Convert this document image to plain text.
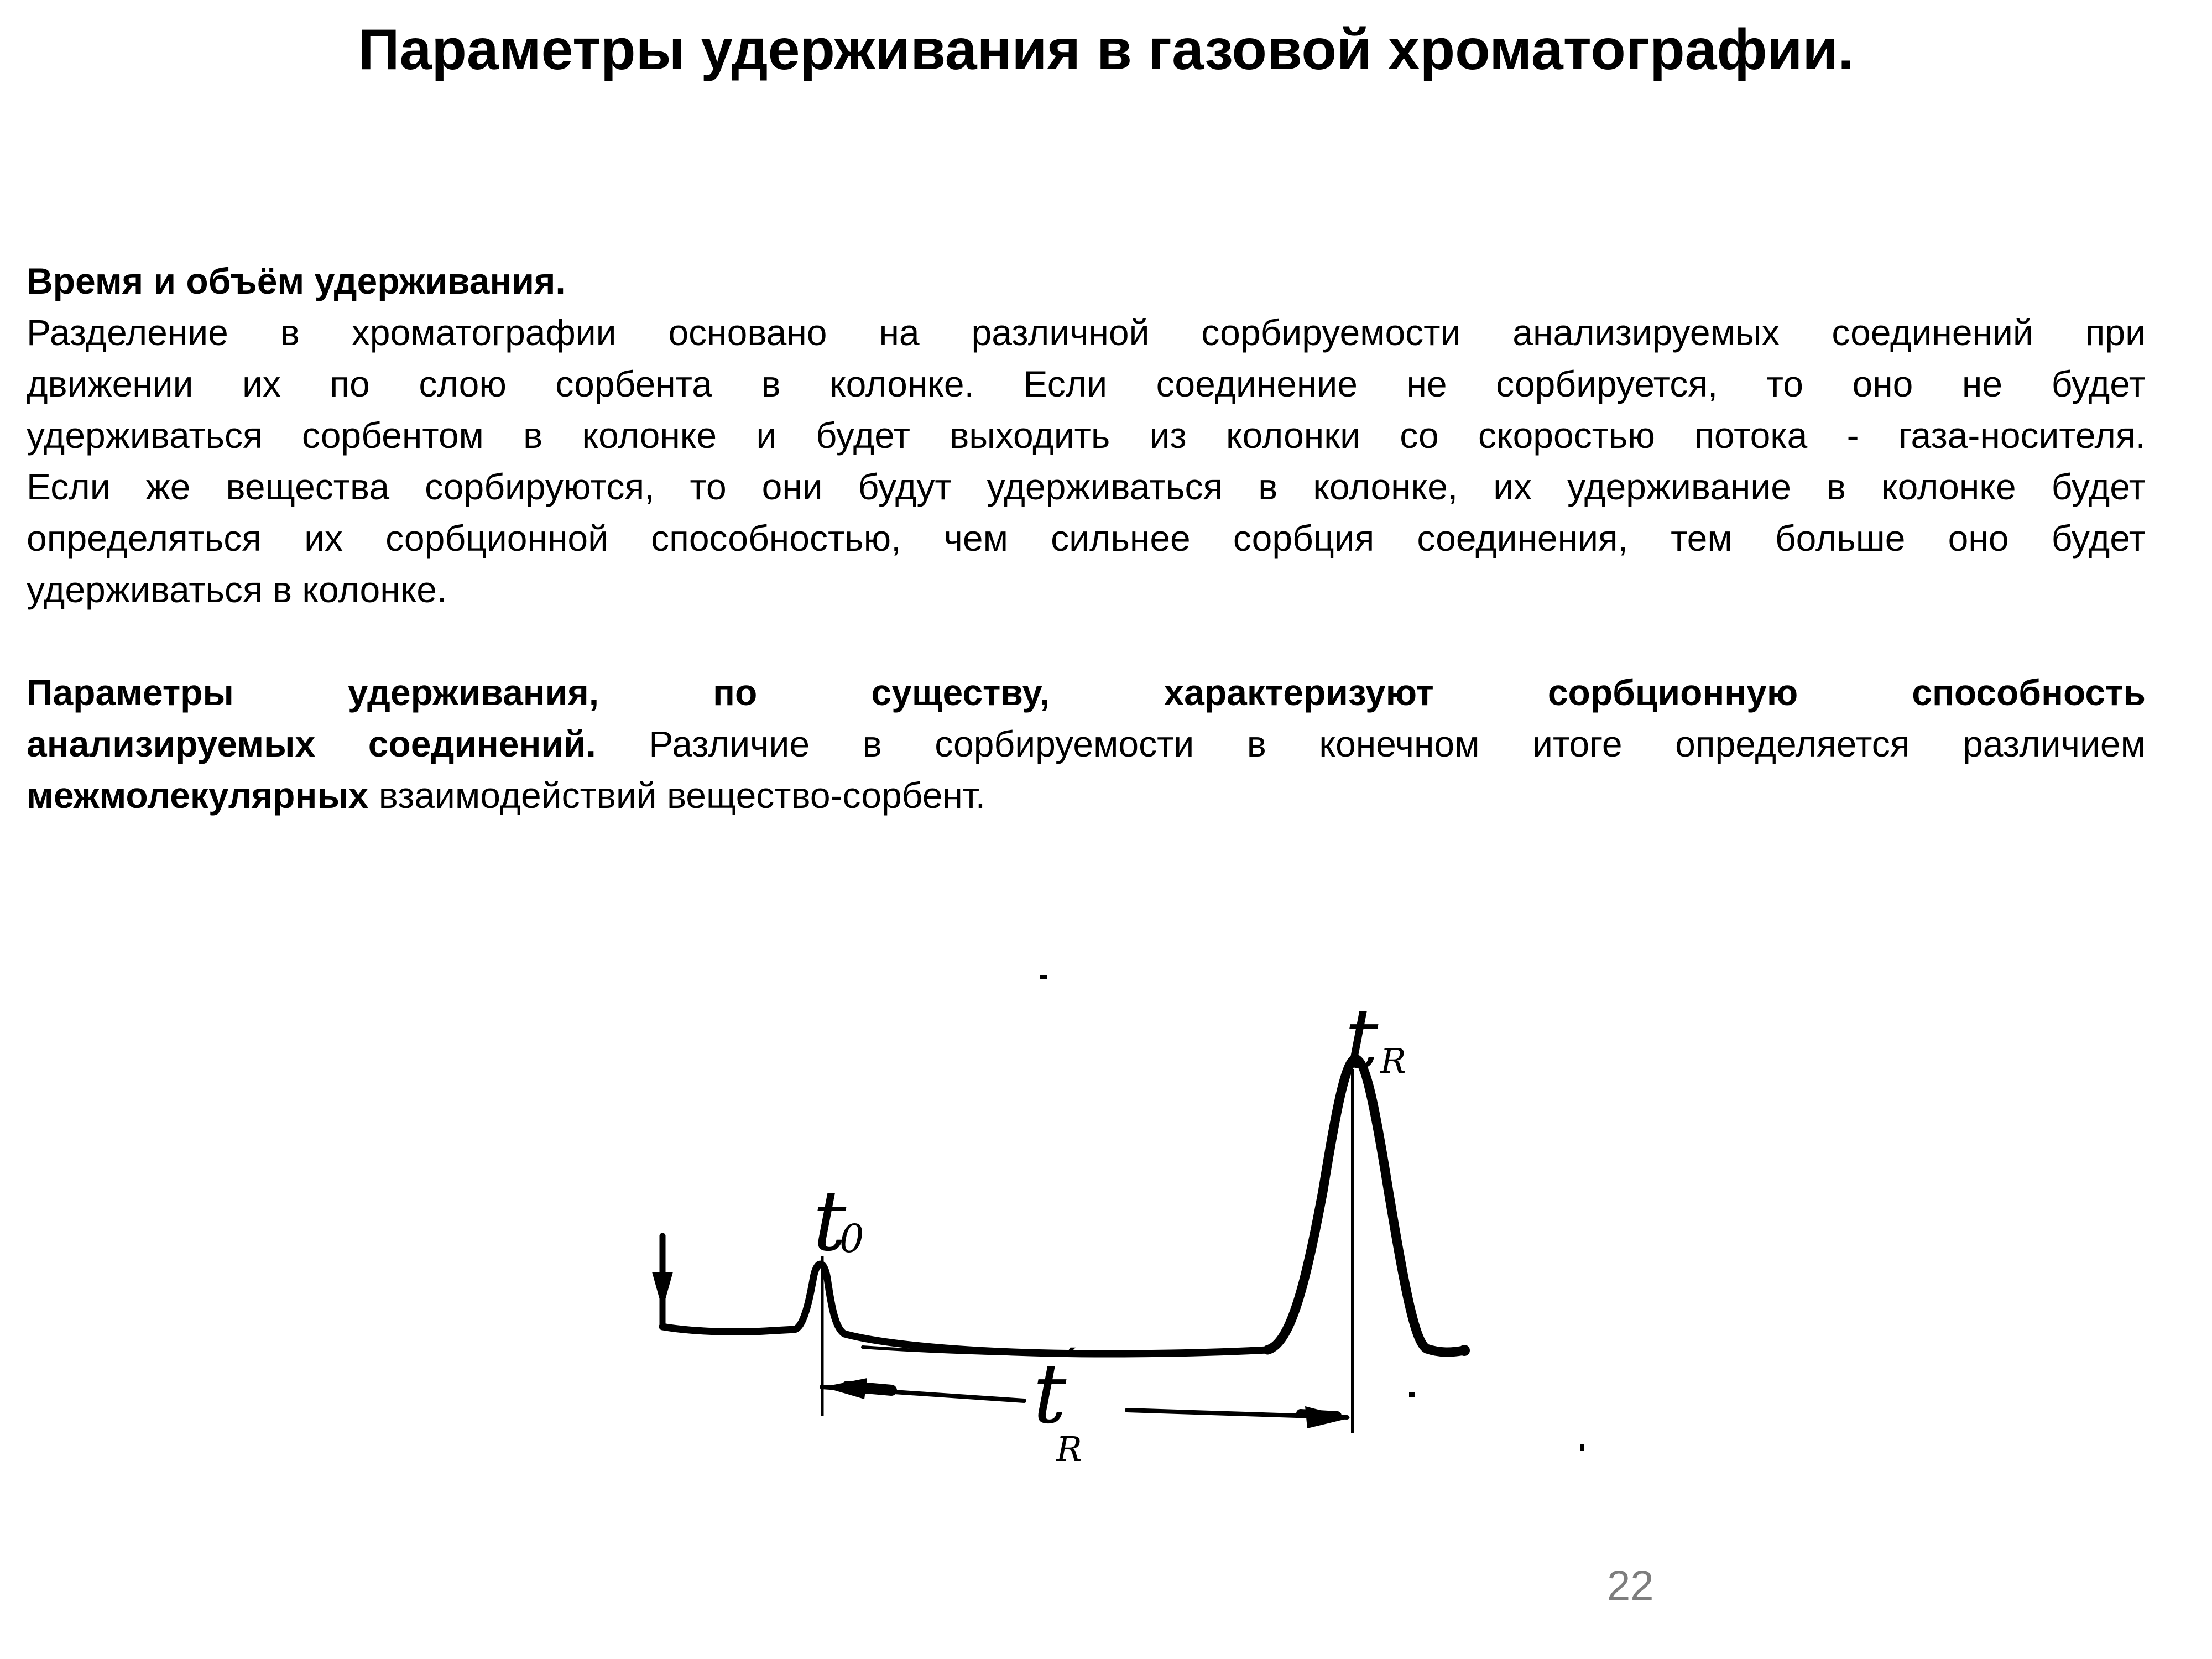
Параметры удерживания в газовой хроматографии.
Время и объём удерживания.
Разделение в хроматографии основано на различной сорбируемости анализируемых соединений при
движении их по слою сорбента в колонке. Если соединение не сорбируется, то оно не будет
удерживаться сорбентом в колонке и будет выходить из колонки со скоростью потока - газа-носителя.
Если же вещества сорбируются, то они будут удерживаться в колонке, их удерживание в колонке будет
определяться их сорбционной способностью, чем сильнее сорбция соединения, тем больше оно будет
удерживаться в колонке.
Параметры удерживания, по существу, характеризуют сорбционную способность
анализируемых соединений. Различие в сорбируемости в конечном итоге определяется различием
межмолекулярных взаимодействий вещество-сорбент.
t
0
t R
t
′
R
22
